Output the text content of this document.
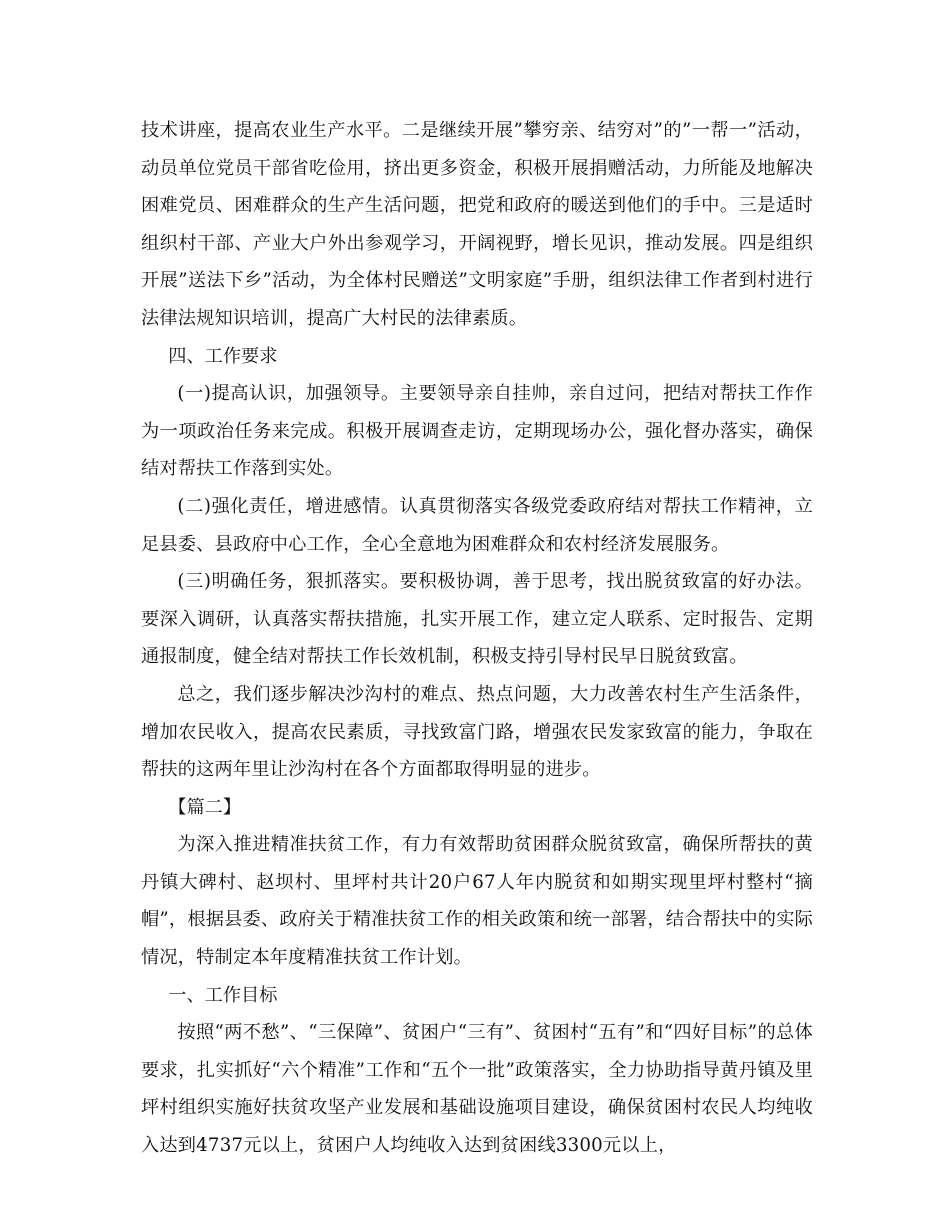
技术讲座，提高农业生产水平。二是继续开展”攀穷亲、结穷对”的”一帮一”活动，动员单位党员干部省吃俭用，挤出更多资金，积极开展捐赠活动，力所能及地解决困难党员、困难群众的生产生活问题，把党和政府的暖送到他们的手中。三是适时组织村干部、产业大户外出参观学习，开阔视野，增长见识，推动发展。四是组织开展”送法下乡”活动，为全体村民赠送”文明家庭”手册，组织法律工作者到村进行法律法规知识培训，提高广大村民的法律素质。

四、工作要求

(一)提高认识，加强领导。主要领导亲自挂帅，亲自过问，把结对帮扶工作作为一项政治任务来完成。积极开展调查走访，定期现场办公，强化督办落实，确保结对帮扶工作落到实处。

(二)强化责任，增进感情。认真贯彻落实各级党委政府结对帮扶工作精神，立足县委、县政府中心工作，全心全意地为困难群众和农村经济发展服务。

(三)明确任务，狠抓落实。要积极协调，善于思考，找出脱贫致富的好办法。要深入调研，认真落实帮扶措施，扎实开展工作，建立定人联系、定时报告、定期通报制度，健全结对帮扶工作长效机制，积极支持引导村民早日脱贫致富。

总之，我们逐步解决沙沟村的难点、热点问题，大力改善农村生产生活条件，增加农民收入，提高农民素质，寻找致富门路，增强农民发家致富的能力，争取在帮扶的这两年里让沙沟村在各个方面都取得明显的进步。

【篇二】

为深入推进精准扶贫工作，有力有效帮助贫困群众脱贫致富，确保所帮扶的黄丹镇大碑村、赵坝村、里坪村共计20户67人年内脱贫和如期实现里坪村整村“摘帽”，根据县委、政府关于精准扶贫工作的相关政策和统一部署，结合帮扶中的实际情况，特制定本年度精准扶贫工作计划。

一、工作目标

按照“两不愁”、“三保障”、贫困户“三有”、贫困村“五有”和“四好目标”的总体要求，扎实抓好“六个精准”工作和“五个一批”政策落实，全力协助指导黄丹镇及里坪村组织实施好扶贫攻坚产业发展和基础设施项目建设，确保贫困村农民人均纯收入达到4737元以上，贫困户人均纯收入达到贫困线3300元以上，
